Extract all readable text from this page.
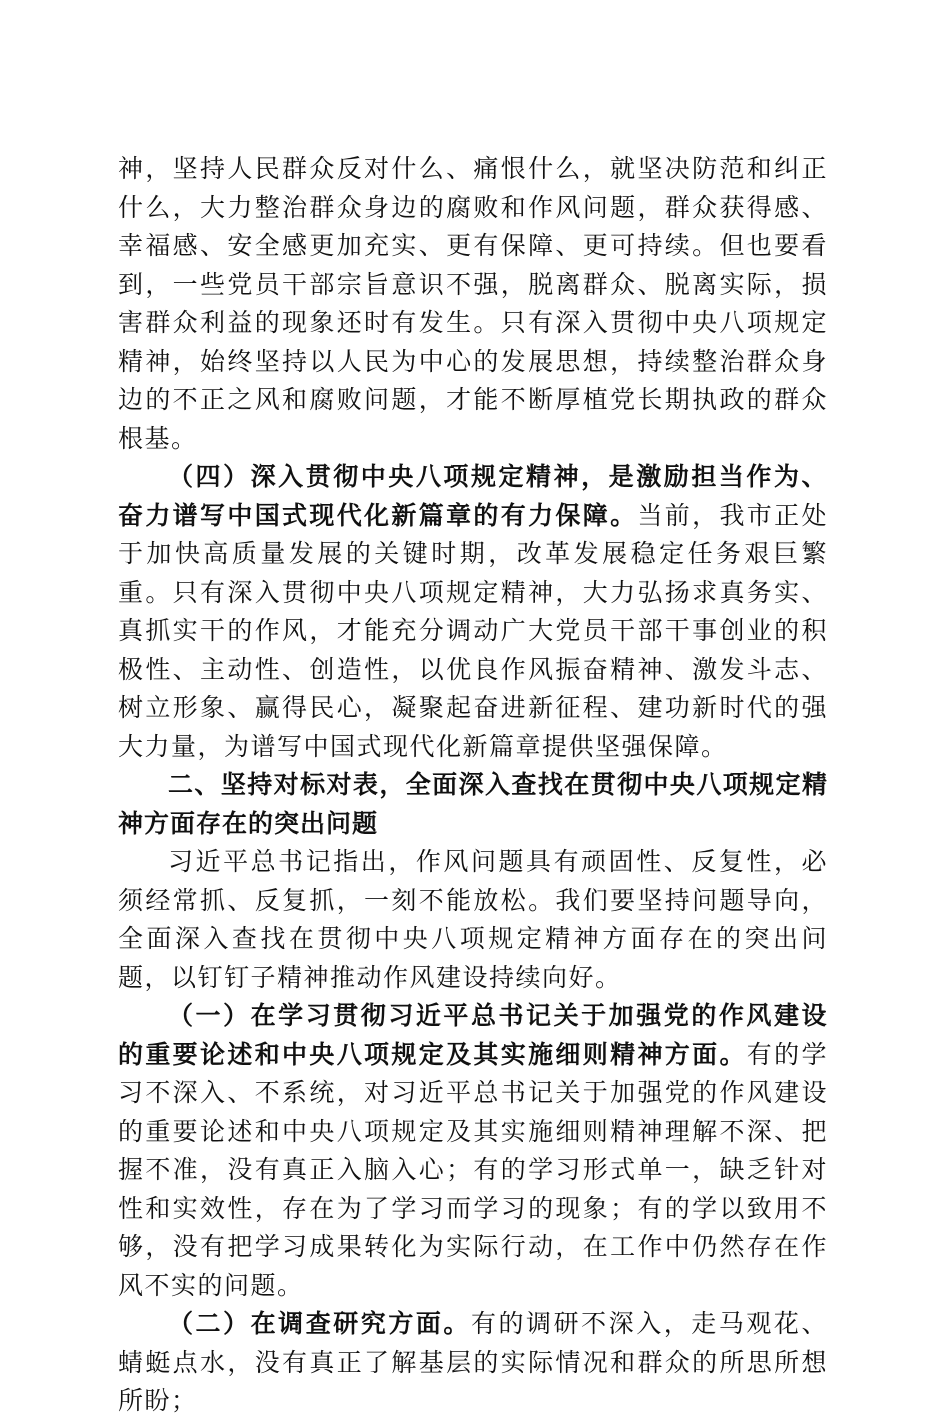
神，坚持人民群众反对什么、痛恨什么，就坚决防范和纠正什么，大力整治群众身边的腐败和作风问题，群众获得感、幸福感、安全感更加充实、更有保障、更可持续。但也要看到，一些党员干部宗旨意识不强，脱离群众、脱离实际，损害群众利益的现象还时有发生。只有深入贯彻中央八项规定精神，始终坚持以人民为中心的发展思想，持续整治群众身边的不正之风和腐败问题，才能不断厚植党长期执政的群众根基。

（四）深入贯彻中央八项规定精神，是激励担当作为、奋力谱写中国式现代化新篇章的有力保障。当前，我市正处于加快高质量发展的关键时期，改革发展稳定任务艰巨繁重。只有深入贯彻中央八项规定精神，大力弘扬求真务实、真抓实干的作风，才能充分调动广大党员干部干事创业的积极性、主动性、创造性，以优良作风振奋精神、激发斗志、树立形象、赢得民心，凝聚起奋进新征程、建功新时代的强大力量，为谱写中国式现代化新篇章提供坚强保障。

二、坚持对标对表，全面深入查找在贯彻中央八项规定精神方面存在的突出问题

习近平总书记指出，作风问题具有顽固性、反复性，必须经常抓、反复抓，一刻不能放松。我们要坚持问题导向，全面深入查找在贯彻中央八项规定精神方面存在的突出问题，以钉钉子精神推动作风建设持续向好。

（一）在学习贯彻习近平总书记关于加强党的作风建设的重要论述和中央八项规定及其实施细则精神方面。有的学习不深入、不系统，对习近平总书记关于加强党的作风建设的重要论述和中央八项规定及其实施细则精神理解不深、把握不准，没有真正入脑入心；有的学习形式单一，缺乏针对性和实效性，存在为了学习而学习的现象；有的学以致用不够，没有把学习成果转化为实际行动，在工作中仍然存在作风不实的问题。

（二）在调查研究方面。有的调研不深入，走马观花、蜻蜓点水，没有真正了解基层的实际情况和群众的所思所想所盼；
